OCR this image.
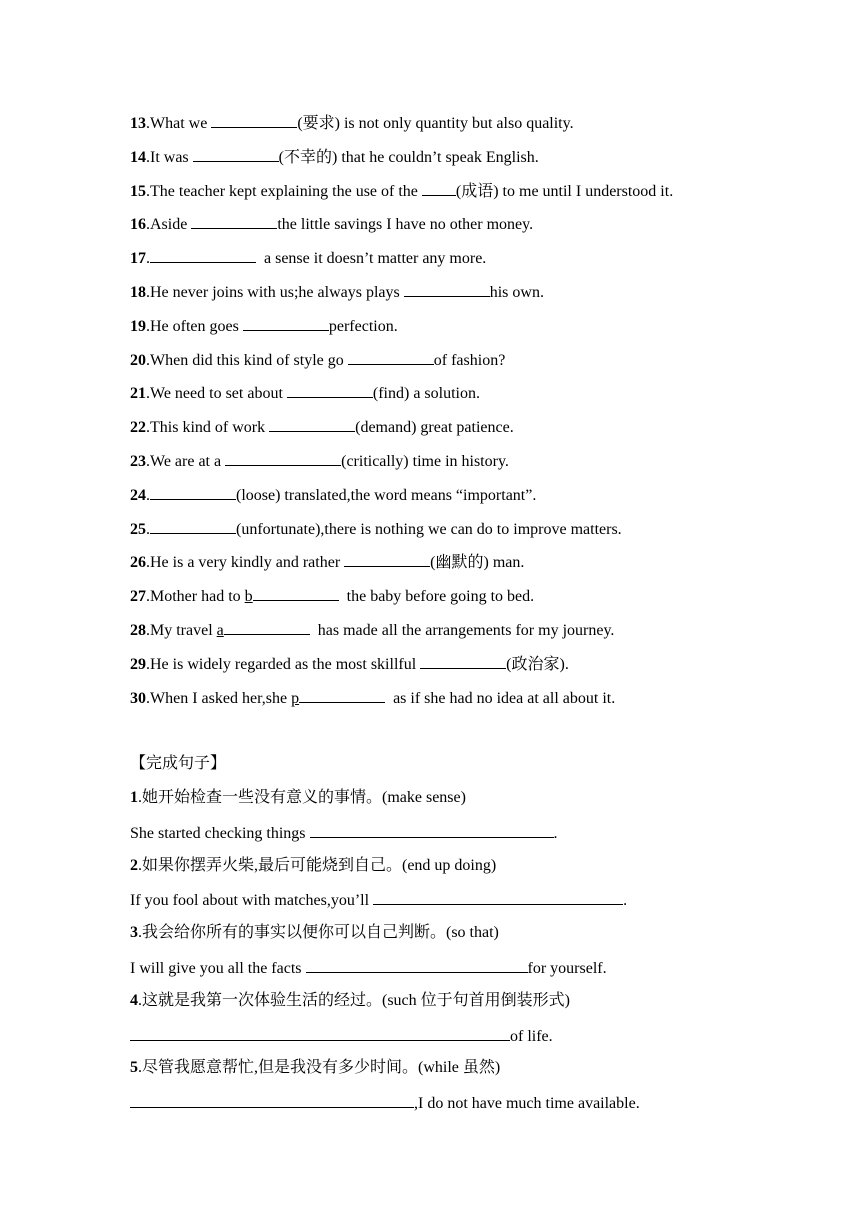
13.What we	(要求) is not only quantity but also quality.
14.It was	(不幸的) that he couldn’t speak English.
15.The teacher kept explaining the use of the (成语) to me until I understood it.
16.Aside	the little savings I have no other money.
17.	a sense it doesn’t matter any more.
18.He never joins with us;he always plays	his own.
19.He often goes	perfection.
20.When did this kind of style go	of fashion?
21.We need to set about	(find) a solution.
22.This kind of work	(demand) great patience.
23.We are at a	(critically) time in history.
24.	(loose) translated,the word means “important”.
25.	(unfortunate),there is nothing we can do to improve matters.
26.He is a very kindly and rather	(幽默的) man.
27.Mother had to b	the baby before going to bed.
28.My travel a	has made all the arrangements for my journey.
29.He is widely regarded as the most skillful	(政治家).
30.When I asked her,she p	as if she had no idea at all about it.
【完成句子】
1.她开始检查一些没有意义的事情。(make sense)
She started checking things	.
2.如果你摆弄火柴,最后可能烧到自己。(end up doing)
If you fool about with matches,you’ll	.
3.我会给你所有的事实以便你可以自己判断。(so that)
I will give you all the facts	for yourself.
4.这就是我第一次体验生活的经过。(such 位于句首用倒装形式)
of life.
5.尽管我愿意帮忙,但是我没有多少时间。(while 虽然)
,I do not have much time available.
